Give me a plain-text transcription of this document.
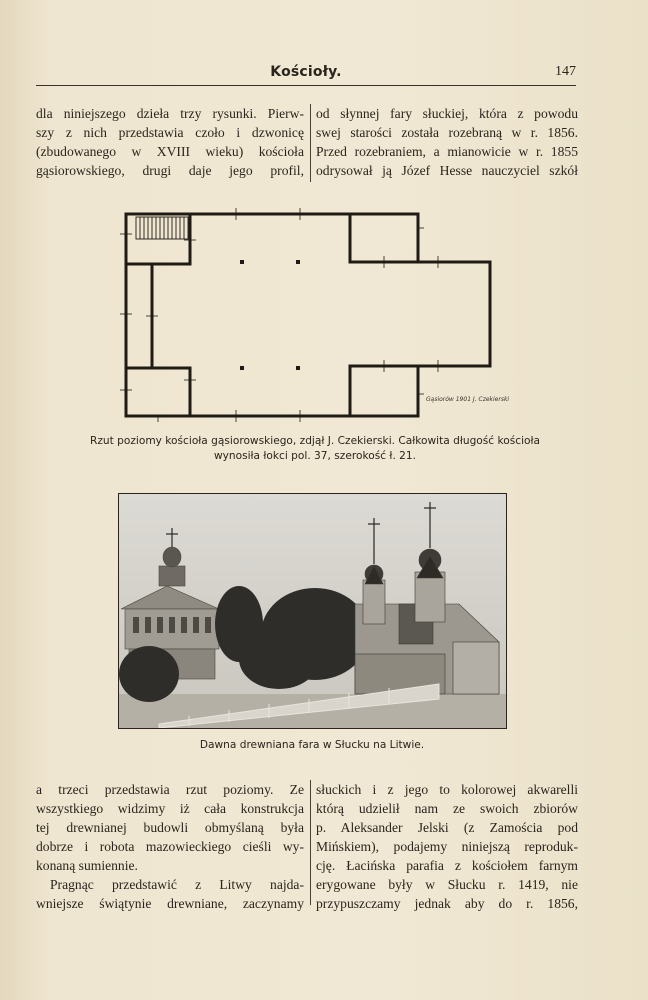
Kościoły.	147
dla niniejszego dzieła trzy rysunki. Pierw-
szy z nich przedstawia czoło i dzwonicę
(zbudowanego w XVIII wieku) kościoła
gąsiorowskiego, drugi daje jego profil,
od słynnej fary słuckiej, która z powodu
swej starości została rozebraną w r. 1856.
Przed rozebraniem, a mianowicie w r. 1855
odrysował ją Józef Hesse nauczyciel szkół
Gąsiorów 1901 J. Czekierski
Rzut poziomy kościoła gąsiorowskiego, zdjął J. Czekierski. Całkowita długość kościoła
wynosiła łokci pol. 37, szerokość ł. 21.
Dawna drewniana fara w Słucku na Litwie.
a trzeci przedstawia rzut poziomy. Ze
wszystkiego widzimy iż cała konstrukcja
tej drewnianej budowli obmyślaną była
dobrze i robota mazowieckiego cieśli wy-
konaną sumiennie.
Pragnąc przedstawić z Litwy najda-
wniejsze świątynie drewniane, zaczynamy
słuckich i z jego to kolorowej akwarelli
którą udzielił nam ze swoich zbiorów
p. Aleksander Jelski (z Zamościa pod
Mińskiem), podajemy niniejszą reproduk-
cję. Łacińska parafia z kościołem farnym
erygowane były w Słucku r. 1419, nie
przypuszczamy jednak aby do r. 1856,
